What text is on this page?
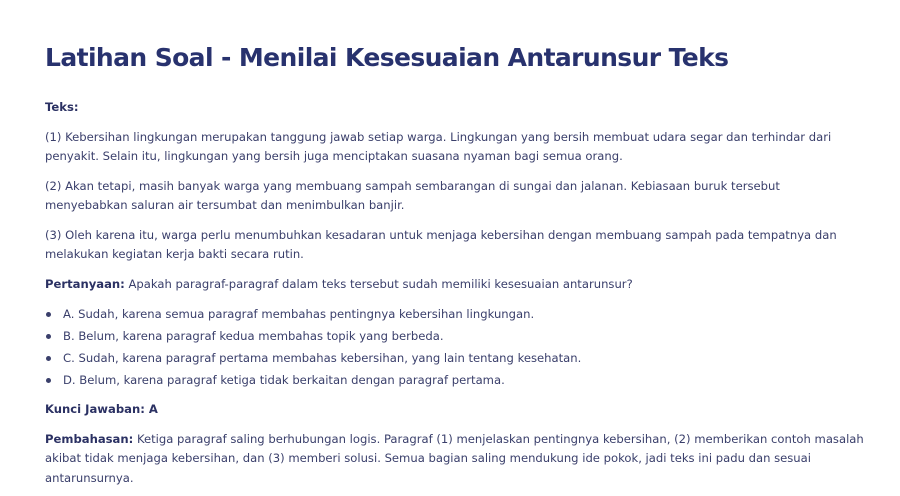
Latihan Soal - Menilai Kesesuaian Antarunsur Teks

Teks:

(1) Kebersihan lingkungan merupakan tanggung jawab setiap warga. Lingkungan yang bersih membuat udara segar dan terhindar dari penyakit. Selain itu, lingkungan yang bersih juga menciptakan suasana nyaman bagi semua orang.

(2) Akan tetapi, masih banyak warga yang membuang sampah sembarangan di sungai dan jalanan. Kebiasaan buruk tersebut menyebabkan saluran air tersumbat dan menimbulkan banjir.

(3) Oleh karena itu, warga perlu menumbuhkan kesadaran untuk menjaga kebersihan dengan membuang sampah pada tempatnya dan melakukan kegiatan kerja bakti secara rutin.

Pertanyaan: Apakah paragraf-paragraf dalam teks tersebut sudah memiliki kesesuaian antarunsur?

A. Sudah, karena semua paragraf membahas pentingnya kebersihan lingkungan.
B. Belum, karena paragraf kedua membahas topik yang berbeda.
C. Sudah, karena paragraf pertama membahas kebersihan, yang lain tentang kesehatan.
D. Belum, karena paragraf ketiga tidak berkaitan dengan paragraf pertama.

Kunci Jawaban: A

Pembahasan: Ketiga paragraf saling berhubungan logis. Paragraf (1) menjelaskan pentingnya kebersihan, (2) memberikan contoh masalah akibat tidak menjaga kebersihan, dan (3) memberi solusi. Semua bagian saling mendukung ide pokok, jadi teks ini padu dan sesuai antarunsurnya.
